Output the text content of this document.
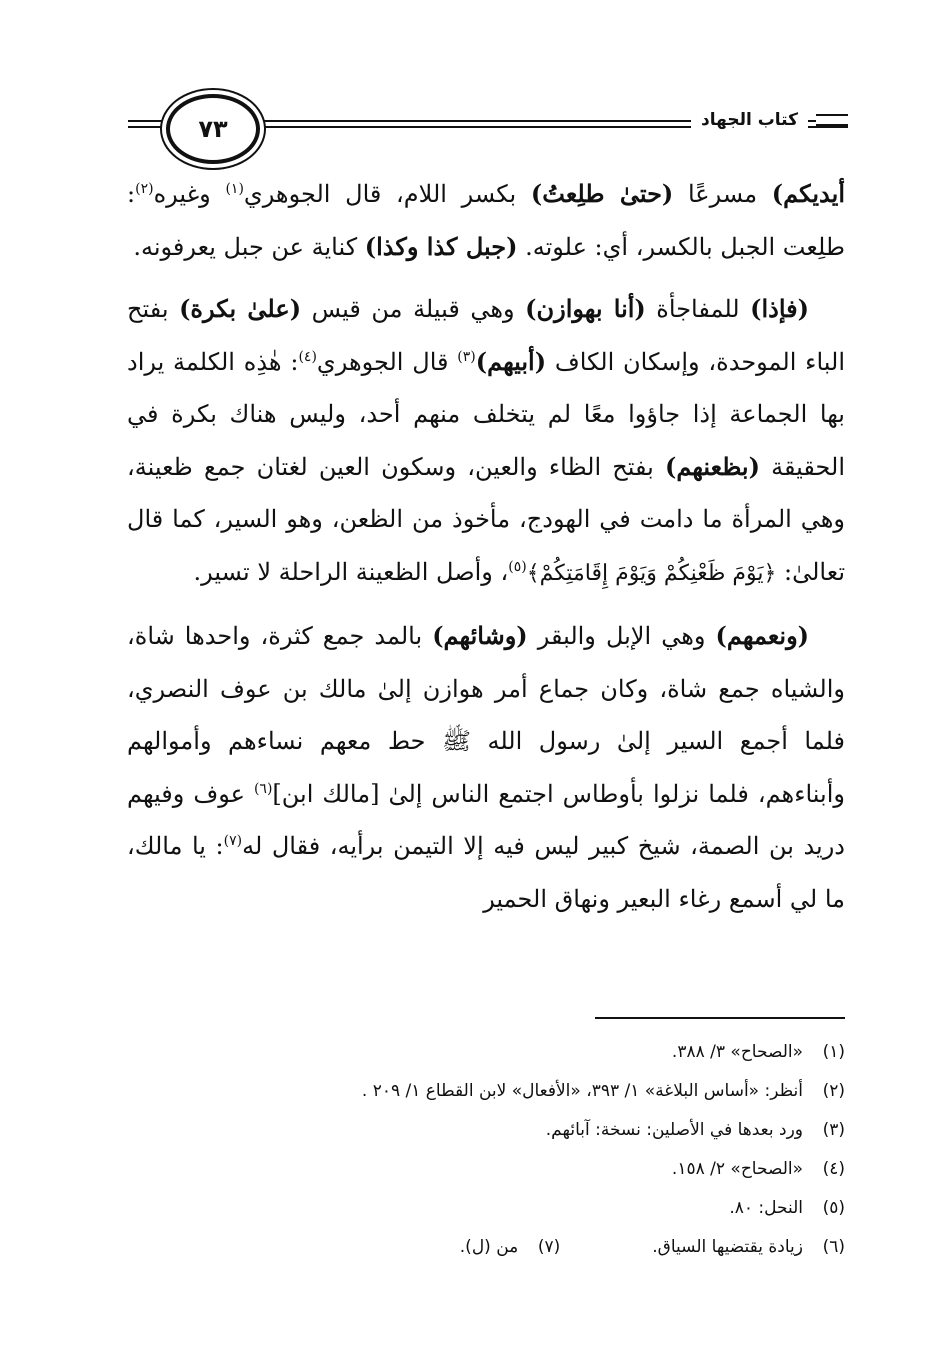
كتاب الجهاد
٧٣

أيديكم) مسرعًا (حتىٰ طلِعتُ) بكسر اللام، قال الجوهري$^{(١)}$ وغيره$^{(٢)}$: طلِعت الجبل بالكسر، أي: علوته. (جبل كذا وكذا) كناية عن جبل يعرفونه.

(فإذا) للمفاجأة (أنا بهوازن) وهي قبيلة من قيس (علىٰ بكرة) بفتح الباء الموحدة، وإسكان الكاف (أبيهم)$^{(٣)}$ قال الجوهري$^{(٤)}$: هٰذِه الكلمة يراد بها الجماعة إذا جاؤوا معًا لم يتخلف منهم أحد، وليس هناك بكرة في الحقيقة (بظعنهم) بفتح الظاء والعين، وسكون العين لغتان جمع ظعينة، وهي المرأة ما دامت في الهودج، مأخوذ من الظعن، وهو السير، كما قال تعالىٰ: ﴿يَوْمَ ظَعْنِكُمْ وَيَوْمَ إِقَامَتِكُمْ﴾$^{(٥)}$، وأصل الظعينة الراحلة لا تسير.

(ونعمهم) وهي الإبل والبقر (وشائهم) بالمد جمع كثرة، واحدها شاة، والشياه جمع شاة، وكان جماع أمر هوازن إلىٰ مالك بن عوف النصري، فلما أجمع السير إلىٰ رسول الله ﷺ حط معهم نساءهم وأموالهم وأبناءهم، فلما نزلوا بأوطاس اجتمع الناس إلىٰ [مالك ابن]$^{(٦)}$ عوف وفيهم دريد بن الصمة، شيخ كبير ليس فيه إلا التيمن برأيه، فقال له$^{(٧)}$: يا مالك، ما لي أسمع رغاء البعير ونهاق الحمير

(١)«الصحاح» ٣/ ٣٨٨.

(٢)أنظر: «أساس البلاغة» ١/ ٣٩٣، «الأفعال» لابن القطاع ١/ ٢٠٩ .

(٣)ورد بعدها في الأصلين: نسخة: آبائهم.

(٤)«الصحاح» ٢/ ١٥٨.

(٥)النحل: ٨٠.

(٦)زيادة يقتضيها السياق.(٧)من (ل).
